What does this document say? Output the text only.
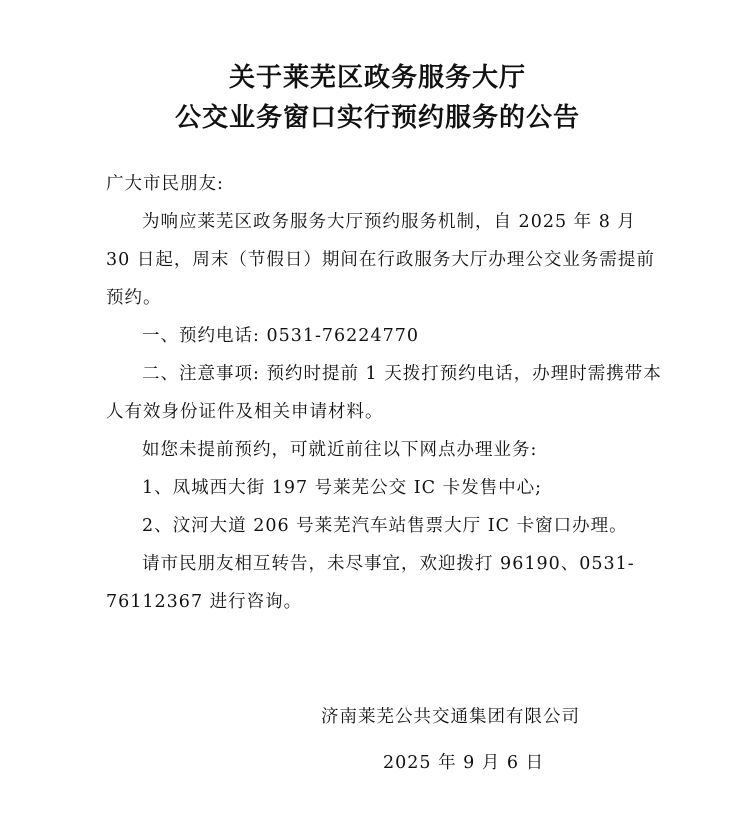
关于莱芜区政务服务大厅

公交业务窗口实行预约服务的公告

广大市民朋友:

为响应莱芜区政务服务大厅预约服务机制，自 2025 年 8 月 30 日起，周末（节假日）期间在行政服务大厅办理公交业务需提前预约。

一、预约电话: 0531-76224770

二、注意事项: 预约时提前 1 天拨打预约电话，办理时需携带本人有效身份证件及相关申请材料。

如您未提前预约，可就近前往以下网点办理业务:

1、凤城西大街 197 号莱芜公交 IC 卡发售中心;

2、汶河大道 206 号莱芜汽车站售票大厅 IC 卡窗口办理。

请市民朋友相互转告，未尽事宜，欢迎拨打 96190、0531-76112367 进行咨询。

济南莱芜公共交通集团有限公司
2025 年 9 月 6 日
